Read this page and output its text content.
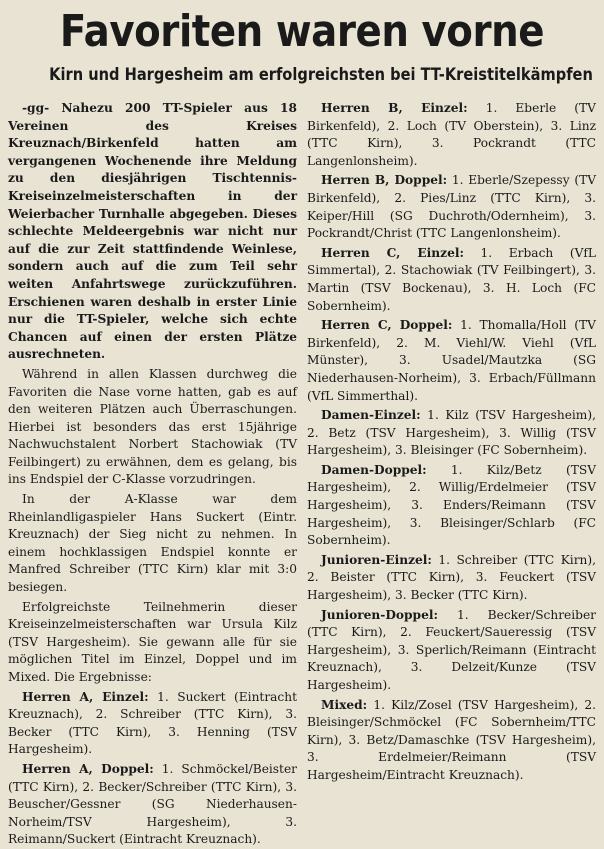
Favoriten waren vorne
Kirn und Hargesheim am erfolgreichsten bei TT-Kreistitelkämpfen

-gg- Nahezu 200 TT-Spieler aus 18 Vereinen des Kreises Kreuznach/Birkenfeld hatten am vergangenen Wochenende ihre Meldung zu den diesjährigen Tischtennis-Kreiseinzelmeisterschaften in der Weierbacher Turnhalle abgegeben. Dieses schlechte Meldeergebnis war nicht nur auf die zur Zeit stattfindende Weinlese, sondern auch auf die zum Teil sehr weiten Anfahrtswege zurückzuführen. Erschienen waren deshalb in erster Linie nur die TT-Spieler, welche sich echte Chancen auf einen der ersten Plätze ausrechneten.

Während in allen Klassen durchweg die Favoriten die Nase vorne hatten, gab es auf den weiteren Plätzen auch Überraschungen. Hierbei ist besonders das erst 15jährige Nachwuchstalent Norbert Stachowiak (TV Feilbingert) zu erwähnen, dem es gelang, bis ins Endspiel der C-Klasse vorzudringen.

In der A-Klasse war dem Rheinlandligaspieler Hans Suckert (Eintr. Kreuznach) der Sieg nicht zu nehmen. In einem hochklassigen Endspiel konnte er Manfred Schreiber (TTC Kirn) klar mit 3:0 besiegen.

Erfolgreichste Teilnehmerin dieser Kreiseinzelmeisterschaften war Ursula Kilz (TSV Hargesheim). Sie gewann alle für sie möglichen Titel im Einzel, Doppel und im Mixed. Die Ergebnisse:

Herren A, Einzel: 1. Suckert (Eintracht Kreuznach), 2. Schreiber (TTC Kirn), 3. Becker (TTC Kirn), 3. Henning (TSV Hargesheim).

Herren A, Doppel: 1. Schmöckel/Beister (TTC Kirn), 2. Becker/Schreiber (TTC Kirn), 3. Beuscher/Gessner (SG Niederhausen-Norheim/TSV Hargesheim), 3. Reimann/Suckert (Eintracht Kreuznach).

Herren B, Einzel: 1. Eberle (TV Birkenfeld), 2. Loch (TV Oberstein), 3. Linz (TTC Kirn), 3. Pockrandt (TTC Langenlonsheim).

Herren B, Doppel: 1. Eberle/Szepessy (TV Birkenfeld), 2. Pies/Linz (TTC Kirn), 3. Keiper/Hill (SG Duchroth/Odernheim), 3. Pockrandt/Christ (TTC Langenlonsheim).

Herren C, Einzel: 1. Erbach (VfL Simmertal), 2. Stachowiak (TV Feilbingert), 3. Martin (TSV Bockenau), 3. H. Loch (FC Sobernheim).

Herren C, Doppel: 1. Thomalla/Holl (TV Birkenfeld), 2. M. Viehl/W. Viehl (VfL Münster), 3. Usadel/Mautzka (SG Niederhausen-Norheim), 3. Erbach/Füllmann (VfL Simmerthal).

Damen-Einzel: 1. Kilz (TSV Hargesheim), 2. Betz (TSV Hargesheim), 3. Willig (TSV Hargesheim), 3. Bleisinger (FC Sobernheim).

Damen-Doppel: 1. Kilz/Betz (TSV Hargesheim), 2. Willig/Erdelmeier (TSV Hargesheim), 3. Enders/Reimann (TSV Hargesheim), 3. Bleisinger/Schlarb (FC Sobernheim).

Junioren-Einzel: 1. Schreiber (TTC Kirn), 2. Beister (TTC Kirn), 3. Feuckert (TSV Hargesheim), 3. Becker (TTC Kirn).

Junioren-Doppel: 1. Becker/Schreiber (TTC Kirn), 2. Feuckert/Saueressig (TSV Hargesheim), 3. Sperlich/Reimann (Eintracht Kreuznach), 3. Delzeit/Kunze (TSV Hargesheim).

Mixed: 1. Kilz/Zosel (TSV Hargesheim), 2. Bleisinger/Schmöckel (FC Sobernheim/TTC Kirn), 3. Betz/Damaschke (TSV Hargesheim), 3. Erdelmeier/Reimann (TSV Hargesheim/Eintracht Kreuznach).
